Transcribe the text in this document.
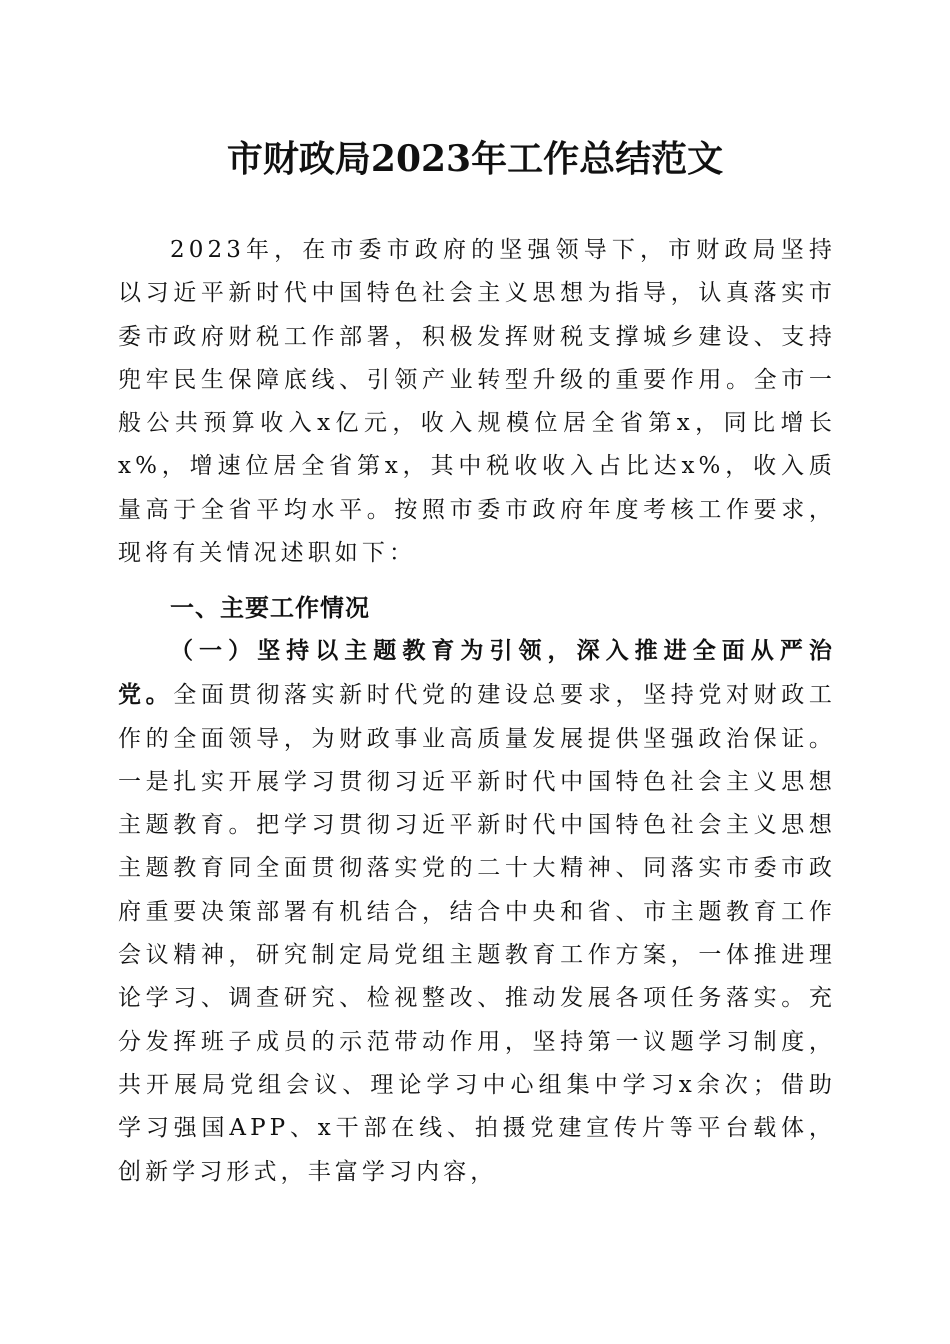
市财政局2023年工作总结范文
2023年，在市委市政府的坚强领导下，市财政局坚持以习近平新时代中国特色社会主义思想为指导，认真落实市委市政府财税工作部署，积极发挥财税支撑城乡建设、支持兜牢民生保障底线、引领产业转型升级的重要作用。全市一般公共预算收入x亿元，收入规模位居全省第x，同比增长x%，增速位居全省第x，其中税收收入占比达x%，收入质量高于全省平均水平。按照市委市政府年度考核工作要求，现将有关情况述职如下：
一、主要工作情况
（一）坚持以主题教育为引领，深入推进全面从严治党。全面贯彻落实新时代党的建设总要求，坚持党对财政工作的全面领导，为财政事业高质量发展提供坚强政治保证。一是扎实开展学习贯彻习近平新时代中国特色社会主义思想主题教育。把学习贯彻习近平新时代中国特色社会主义思想主题教育同全面贯彻落实党的二十大精神、同落实市委市政府重要决策部署有机结合，结合中央和省、市主题教育工作会议精神，研究制定局党组主题教育工作方案，一体推进理论学习、调查研究、检视整改、推动发展各项任务落实。充分发挥班子成员的示范带动作用，坚持第一议题学习制度，共开展局党组会议、理论学习中心组集中学习x余次；借助学习强国APP、x干部在线、拍摄党建宣传片等平台载体，创新学习形式，丰富学习内容，
